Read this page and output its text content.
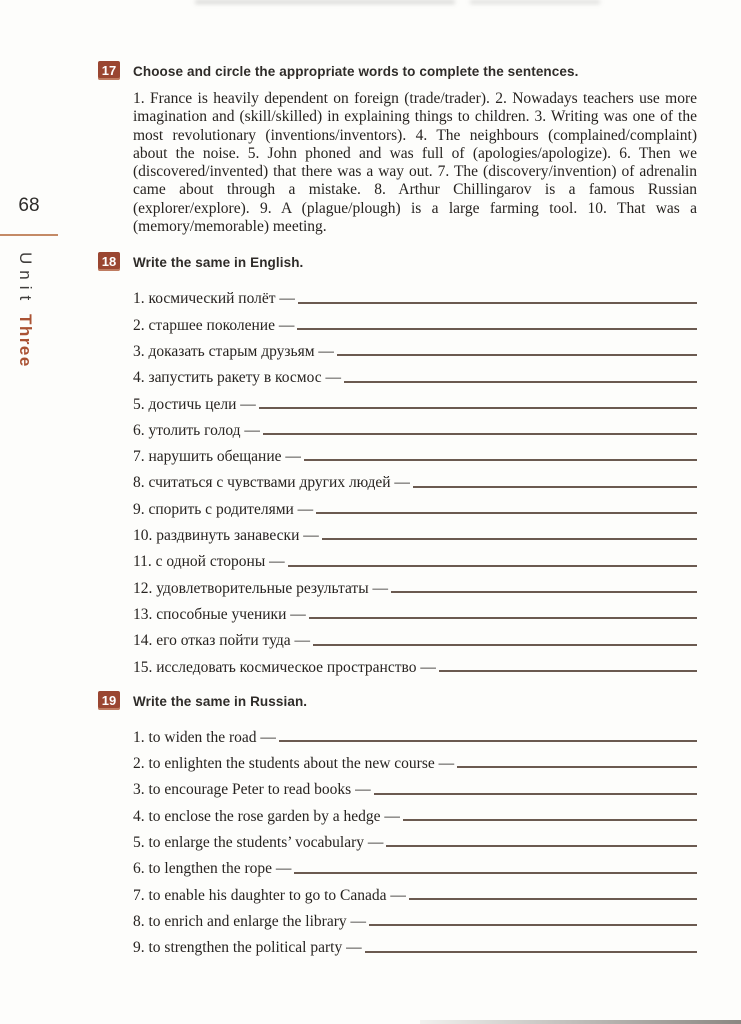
68
UnitThree
17 Choose and circle the appropriate words to complete the sentences.
1. France is heavily dependent on foreign (trade/trader). 2. Nowadays teachers use more imagination and (skill/skilled) in explaining things to children. 3. Writing was one of the most revolutionary (inventions/inventors). 4. The neighbours (complained/complaint) about the noise. 5. John phoned and was full of (apologies/apologize). 6. Then we (discovered/invented) that there was a way out. 7. The (discovery/invention) of adrenalin came about through a mistake. 8. Arthur Chillingarov is a famous Russian (explorer/explore). 9. A (plague/plough) is a large farming tool. 10. That was a (memory/memorable) meeting.
18 Write the same in English.
1. космический полёт —
2. старшее поколение —
3. доказать старым друзьям —
4. запустить ракету в космос —
5. достичь цели —
6. утолить голод —
7. нарушить обещание —
8. считаться с чувствами других людей —
9. спорить с родителями —
10. раздвинуть занавески —
11. с одной стороны —
12. удовлетворительные результаты —
13. способные ученики —
14. его отказ пойти туда —
15. исследовать космическое пространство —
19 Write the same in Russian.
1. to widen the road —
2. to enlighten the students about the new course —
3. to encourage Peter to read books —
4. to enclose the rose garden by a hedge —
5. to enlarge the students’ vocabulary —
6. to lengthen the rope —
7. to enable his daughter to go to Canada —
8. to enrich and enlarge the library —
9. to strengthen the political party —
